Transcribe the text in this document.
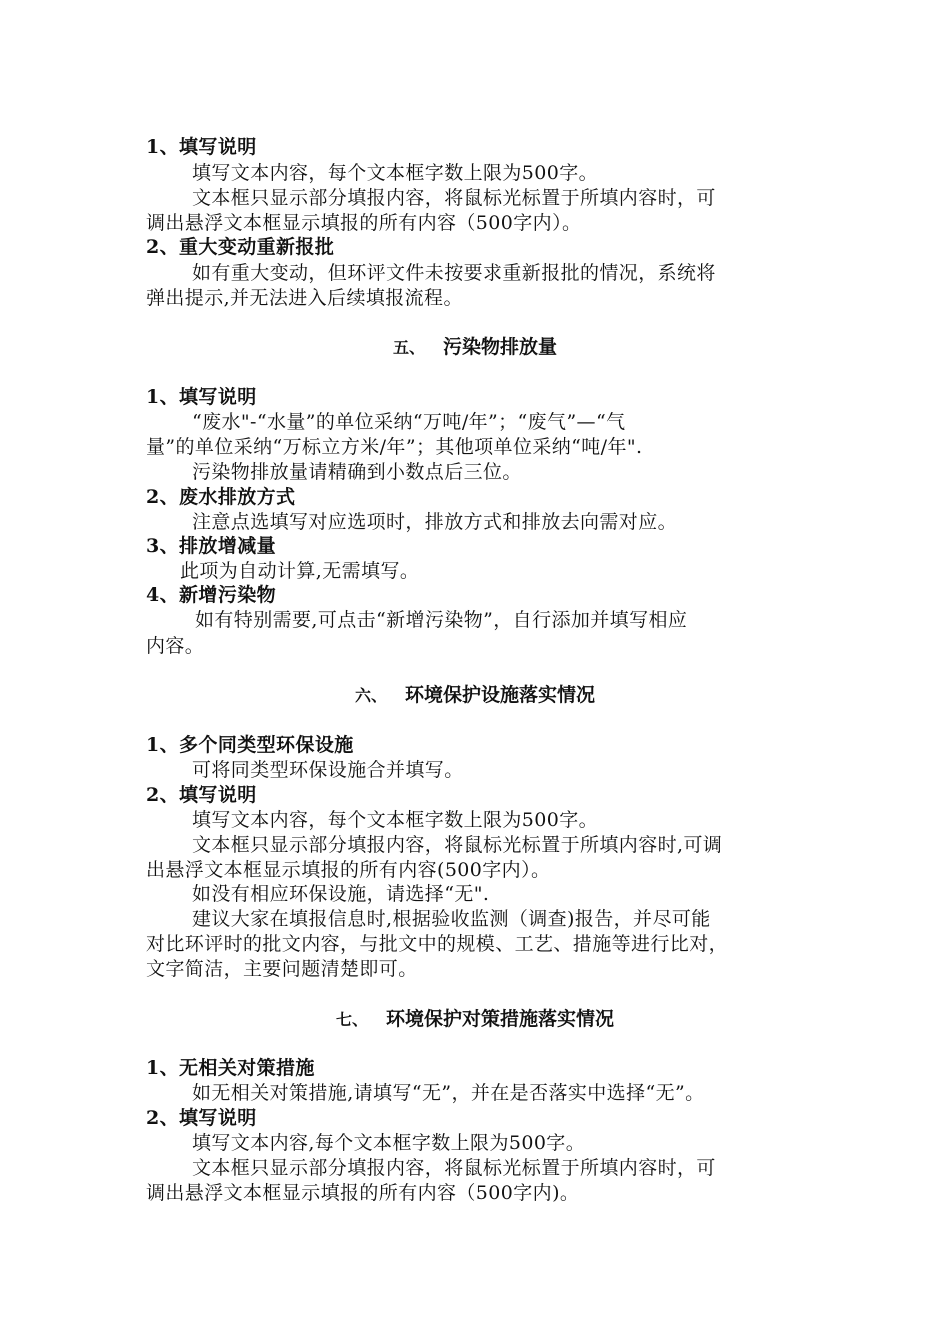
1、填写说明
填写文本内容，每个文本框字数上限为500字。
文本框只显示部分填报内容，将鼠标光标置于所填内容时，可
调出悬浮文本框显示填报的所有内容（500字内）。
2、重大变动重新报批
如有重大变动，但环评文件未按要求重新报批的情况，系统将
弹出提示,并无法进入后续填报流程。
五、 污染物排放量
1、填写说明
“废水"-“水量”的单位采纳“万吨/年”；“废气”—“气
量”的单位采纳“万标立方米/年”；其他项单位采纳“吨/年".
污染物排放量请精确到小数点后三位。
2、废水排放方式
注意点选填写对应选项时，排放方式和排放去向需对应。
3、排放增减量
此项为自动计算,无需填写。
4、新增污染物
如有特别需要,可点击“新增污染物”，自行添加并填写相应
内容。
六、 环境保护设施落实情况
1、多个同类型环保设施
可将同类型环保设施合并填写。
2、填写说明
填写文本内容，每个文本框字数上限为500字。
文本框只显示部分填报内容，将鼠标光标置于所填内容时,可调
出悬浮文本框显示填报的所有内容(500字内）。
如没有相应环保设施，请选择“无".
建议大家在填报信息时,根据验收监测（调查)报告，并尽可能
对比环评时的批文内容，与批文中的规模、工艺、措施等进行比对，
文字简洁，主要问题清楚即可。
七、 环境保护对策措施落实情况
1、无相关对策措施
如无相关对策措施,请填写“无”，并在是否落实中选择“无”。
2、填写说明
填写文本内容,每个文本框字数上限为500字。
文本框只显示部分填报内容，将鼠标光标置于所填内容时，可
调出悬浮文本框显示填报的所有内容（500字内)。
